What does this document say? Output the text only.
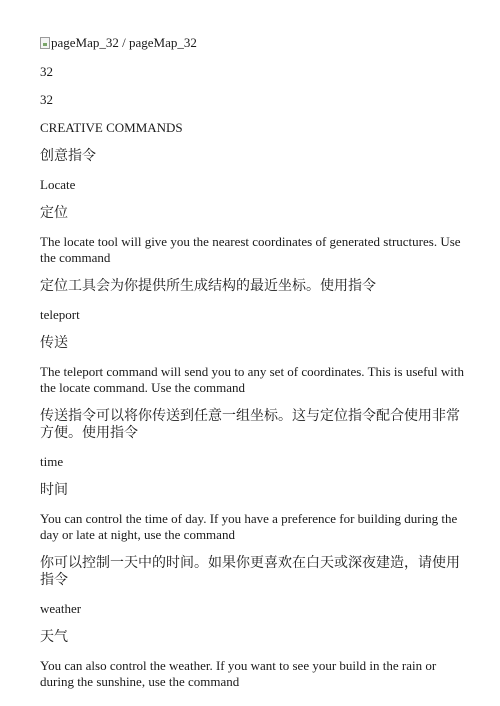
pageMap_32 / pageMap_32

32

32

CREATIVE COMMANDS

创意指令

Locate

定位

The locate tool will give you the nearest coordinates of generated structures. Use the command

定位工具会为你提供所生成结构的最近坐标。使用指令

teleport

传送

The teleport command will send you to any set of coordinates. This is useful with the locate command. Use the command

传送指令可以将你传送到任意一组坐标。这与定位指令配合使用非常方便。使用指令

time

时间

You can control the time of day. If you have a preference for building during the day or late at night, use the command

你可以控制一天中的时间。如果你更喜欢在白天或深夜建造，请使用指令

weather

天气

You can also control the weather. If you want to see your build in the rain or during the sunshine, use the command
